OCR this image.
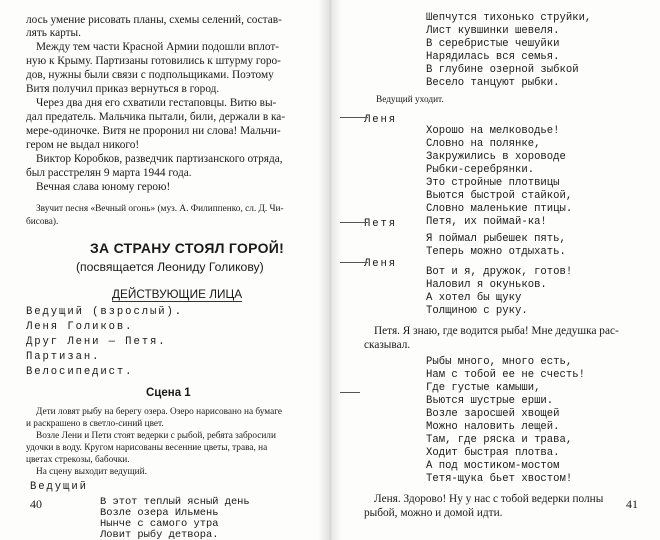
лось умение рисовать планы, схемы селений, состав-
лять карты.
Между тем части Красной Армии подошли вплот-
ную к Крыму. Партизаны готовились к штурму горо-
дов, нужны были связи с подпольщиками. Поэтому
Витя получил приказ вернуться в город.
Через два дня его схватили гестаповцы. Витю вы-
дал предатель. Мальчика пытали, били, держали в ка-
мере-одиночке. Витя не проронил ни слова! Мальчи-
гером не выдал никого!
Виктор Коробков, разведчик партизанского отряда,
был расстрелян 9 марта 1944 года.
Вечная слава юному герою!
Звучит песня «Вечный огонь» (муз. А. Филиппенко, сл. Д. Чи-
бисова).
ЗА СТРАНУ СТОЯЛ ГОРОЙ!
(посвящается Леониду Голикову)
ДЕЙСТВУЮЩИЕ ЛИЦА
Ведущий (взрослый).
Леня Голиков.
Друг Лени — Петя.
Партизан.
Велосипедист.
Сцена 1
Дети ловят рыбу на берегу озера. Озеро нарисовано на бумаге
и раскрашено в светло-синий цвет.
Возле Лени и Пети стоят ведерки с рыбой, ребята забросили
удочки в воду. Кругом нарисованы весенние цветы, трава, на
цветах стрекозы, бабочки.
На сцену выходит ведущий.
Ведущий
В этот теплый ясный день
Возле озера Ильмень
Нынче с самого утра
Ловит рыбу детвора.
40
Шепчутся тихонько струйки,
Лист кувшинки шевеля.
В серебристые чешуйки
Нарядилась вся семья.
В глубине озерной зыбкой
Весело танцуют рыбки.
Ведущий уходит.
Леня
Хорошо на мелководье!
Словно на полянке,
Закружились в хороводе
Рыбки-серебрянки.
Это стройные плотвицы
Вьются быстрой стайкой,
Словно маленькие птицы.
Петя, их поймай-ка!
Петя
Я поймал рыбешек пять,
Теперь можно отдыхать.
Леня
Вот и я, дружок, готов!
Наловил я окуньков.
А хотел бы щуку
Толщиною с руку.
Петя. Я знаю, где водится рыба! Мне дедушка рас-
сказывал.
Рыбы много, много есть,
Нам с тобой ее не счесть!
Где густые камыши,
Вьются шустрые ерши.
Возле заросшей хвощей
Можно наловить лещей.
Там, где ряска и трава,
Ходит быстрая плотва.
А под мостиком-мостом
Тетя-щука бьет хвостом!
Леня. Здорово! Ну у нас с тобой ведерки полны
рыбой, можно и домой идти.
41
